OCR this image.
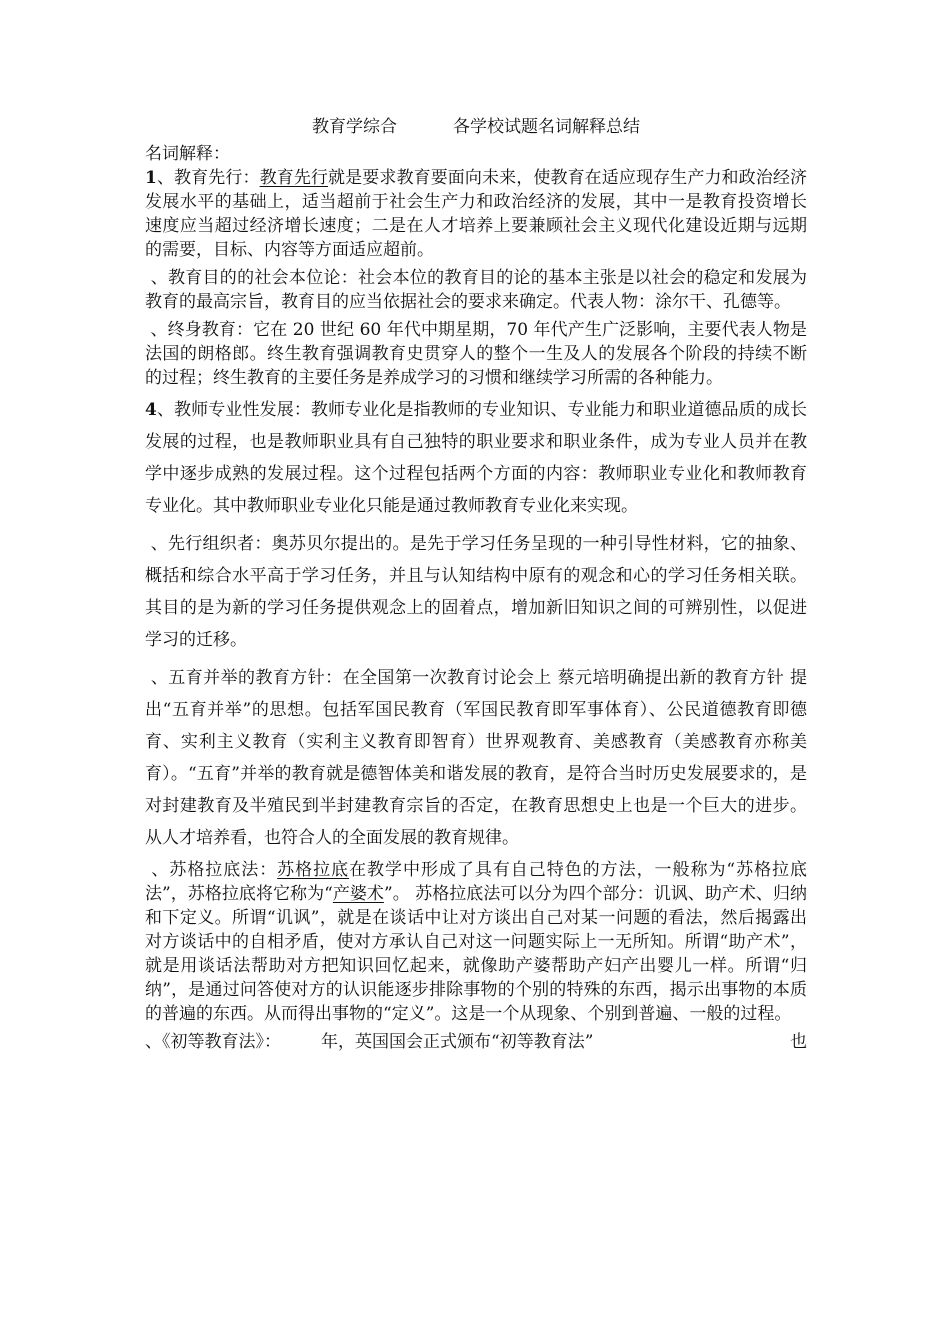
教育学综合	各学校试题名词解释总结
名词解释：

1、教育先行：教育先行就是要求教育要面向未来，使教育在适应现存生产力和政治经济发展水平的基础上，适当超前于社会生产力和政治经济的发展，其中一是教育投资增长速度应当超过经济增长速度；二是在人才培养上要兼顾社会主义现代化建设近期与远期的需要，目标、内容等方面适应超前。

、教育目的的社会本位论：社会本位的教育目的论的基本主张是以社会的稳定和发展为教育的最高宗旨，教育目的应当依据社会的要求来确定。代表人物：涂尔干、孔德等。

、终身教育：它在 20 世纪 60 年代中期星期，70 年代产生广泛影响，主要代表人物是法国的朗格郎。终生教育强调教育史贯穿人的整个一生及人的发展各个阶段的持续不断的过程；终生教育的主要任务是养成学习的习惯和继续学习所需的各种能力。

4、教师专业性发展：教师专业化是指教师的专业知识、专业能力和职业道德品质的成长发展的过程，也是教师职业具有自己独特的职业要求和职业条件，成为专业人员并在教学中逐步成熟的发展过程。这个过程包括两个方面的内容：教师职业专业化和教师教育专业化。其中教师职业专业化只能是通过教师教育专业化来实现。

、先行组织者：奥苏贝尔提出的。是先于学习任务呈现的一种引导性材料，它的抽象、概括和综合水平高于学习任务，并且与认知结构中原有的观念和心的学习任务相关联。其目的是为新的学习任务提供观念上的固着点，增加新旧知识之间的可辨别性，以促进学习的迁移。

、五育并举的教育方针：在全国第一次教育讨论会上 蔡元培明确提出新的教育方针 提出“五育并举”的思想。包括军国民教育（军国民教育即军事体育）、公民道德教育即德育、实利主义教育（实利主义教育即智育）世界观教育、美感教育（美感教育亦称美育）。“五育”并举的教育就是德智体美和谐发展的教育，是符合当时历史发展要求的，是对封建教育及半殖民到半封建教育宗旨的否定，在教育思想史上也是一个巨大的进步。从人才培养看，也符合人的全面发展的教育规律。

、苏格拉底法：苏格拉底在教学中形成了具有自己特色的方法，一般称为“苏格拉底法”，苏格拉底将它称为“产婆术”。 苏格拉底法可以分为四个部分：讥讽、助产术、归纳和下定义。所谓“讥讽”，就是在谈话中让对方谈出自己对某一问题的看法，然后揭露出对方谈话中的自相矛盾，使对方承认自己对这一问题实际上一无所知。所谓“助产术”，就是用谈话法帮助对方把知识回忆起来，就像助产婆帮助产妇产出婴儿一样。所谓“归纳”，是通过问答使对方的认识能逐步排除事物的个别的特殊的东西，揭示出事物的本质的普遍的东西。从而得出事物的“定义”。这是一个从现象、个别到普遍、一般的过程。

、《初等教育法》： 年，英国国会正式颁布“初等教育法”	也
